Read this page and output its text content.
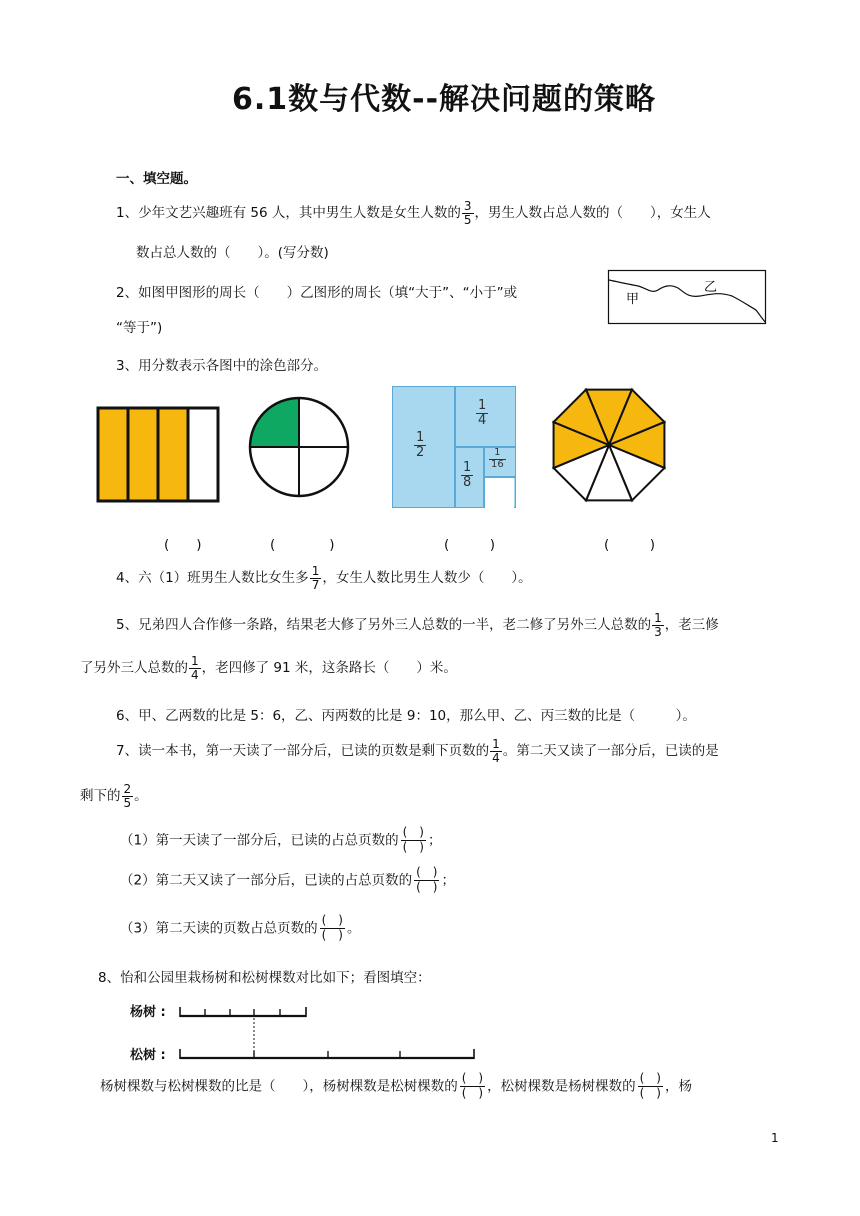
6.1数与代数--解决问题的策略
一、填空题。
1、少年文艺兴趣班有 56 人，其中男生人数是女生人数的 $\frac{3}{5}$ ，男生人数占总人数的（　　），女生人
数占总人数的（　　）。(写分数)
2、如图甲图形的周长（　　）乙图形的周长（填“大于”、“小于”或
“等于”)
甲
乙
3、用分数表示各图中的涂色部分。
$\frac{1}{2}$
$\frac{1}{4}$
$\frac{1}{8}$
$\frac{1}{16}$
(　　)	(　　　　)	(　　　)	(　　　)
4、六（1）班男生人数比女生多 $\frac{1}{7}$ ，女生人数比男生人数少（　　）。
5、兄弟四人合作修一条路，结果老大修了另外三人总数的一半，老二修了另外三人总数的 $\frac{1}{3}$ ，老三修
了另外三人总数的 $\frac{1}{4}$ ，老四修了 91 米，这条路长（　　）米。
6、甲、乙两数的比是 5：6，乙、丙两数的比是 9：10，那么甲、乙、丙三数的比是（　　　）。
7、读一本书，第一天读了一部分后，已读的页数是剩下页数的 $\frac{1}{4}$ 。第二天又读了一部分后，已读的是
剩下的 $\frac{2}{5}$ 。
（1）第一天读了一部分后，已读的占总页数的
(　)
(　) ；
（2）第二天又读了一部分后，已读的占总页数的
(　)
(　) ；
（3）第二天读的页数占总页数的
(　)
(　) 。
8、怡和公园里栽杨树和松树棵数对比如下；看图填空：
杨树 :
松树 :
杨树棵数与松树棵数的比是（　　），杨树棵数是松树棵数的
(　)
(　) ，松树棵数是杨树棵数的
(　)
(　) ，杨
1
